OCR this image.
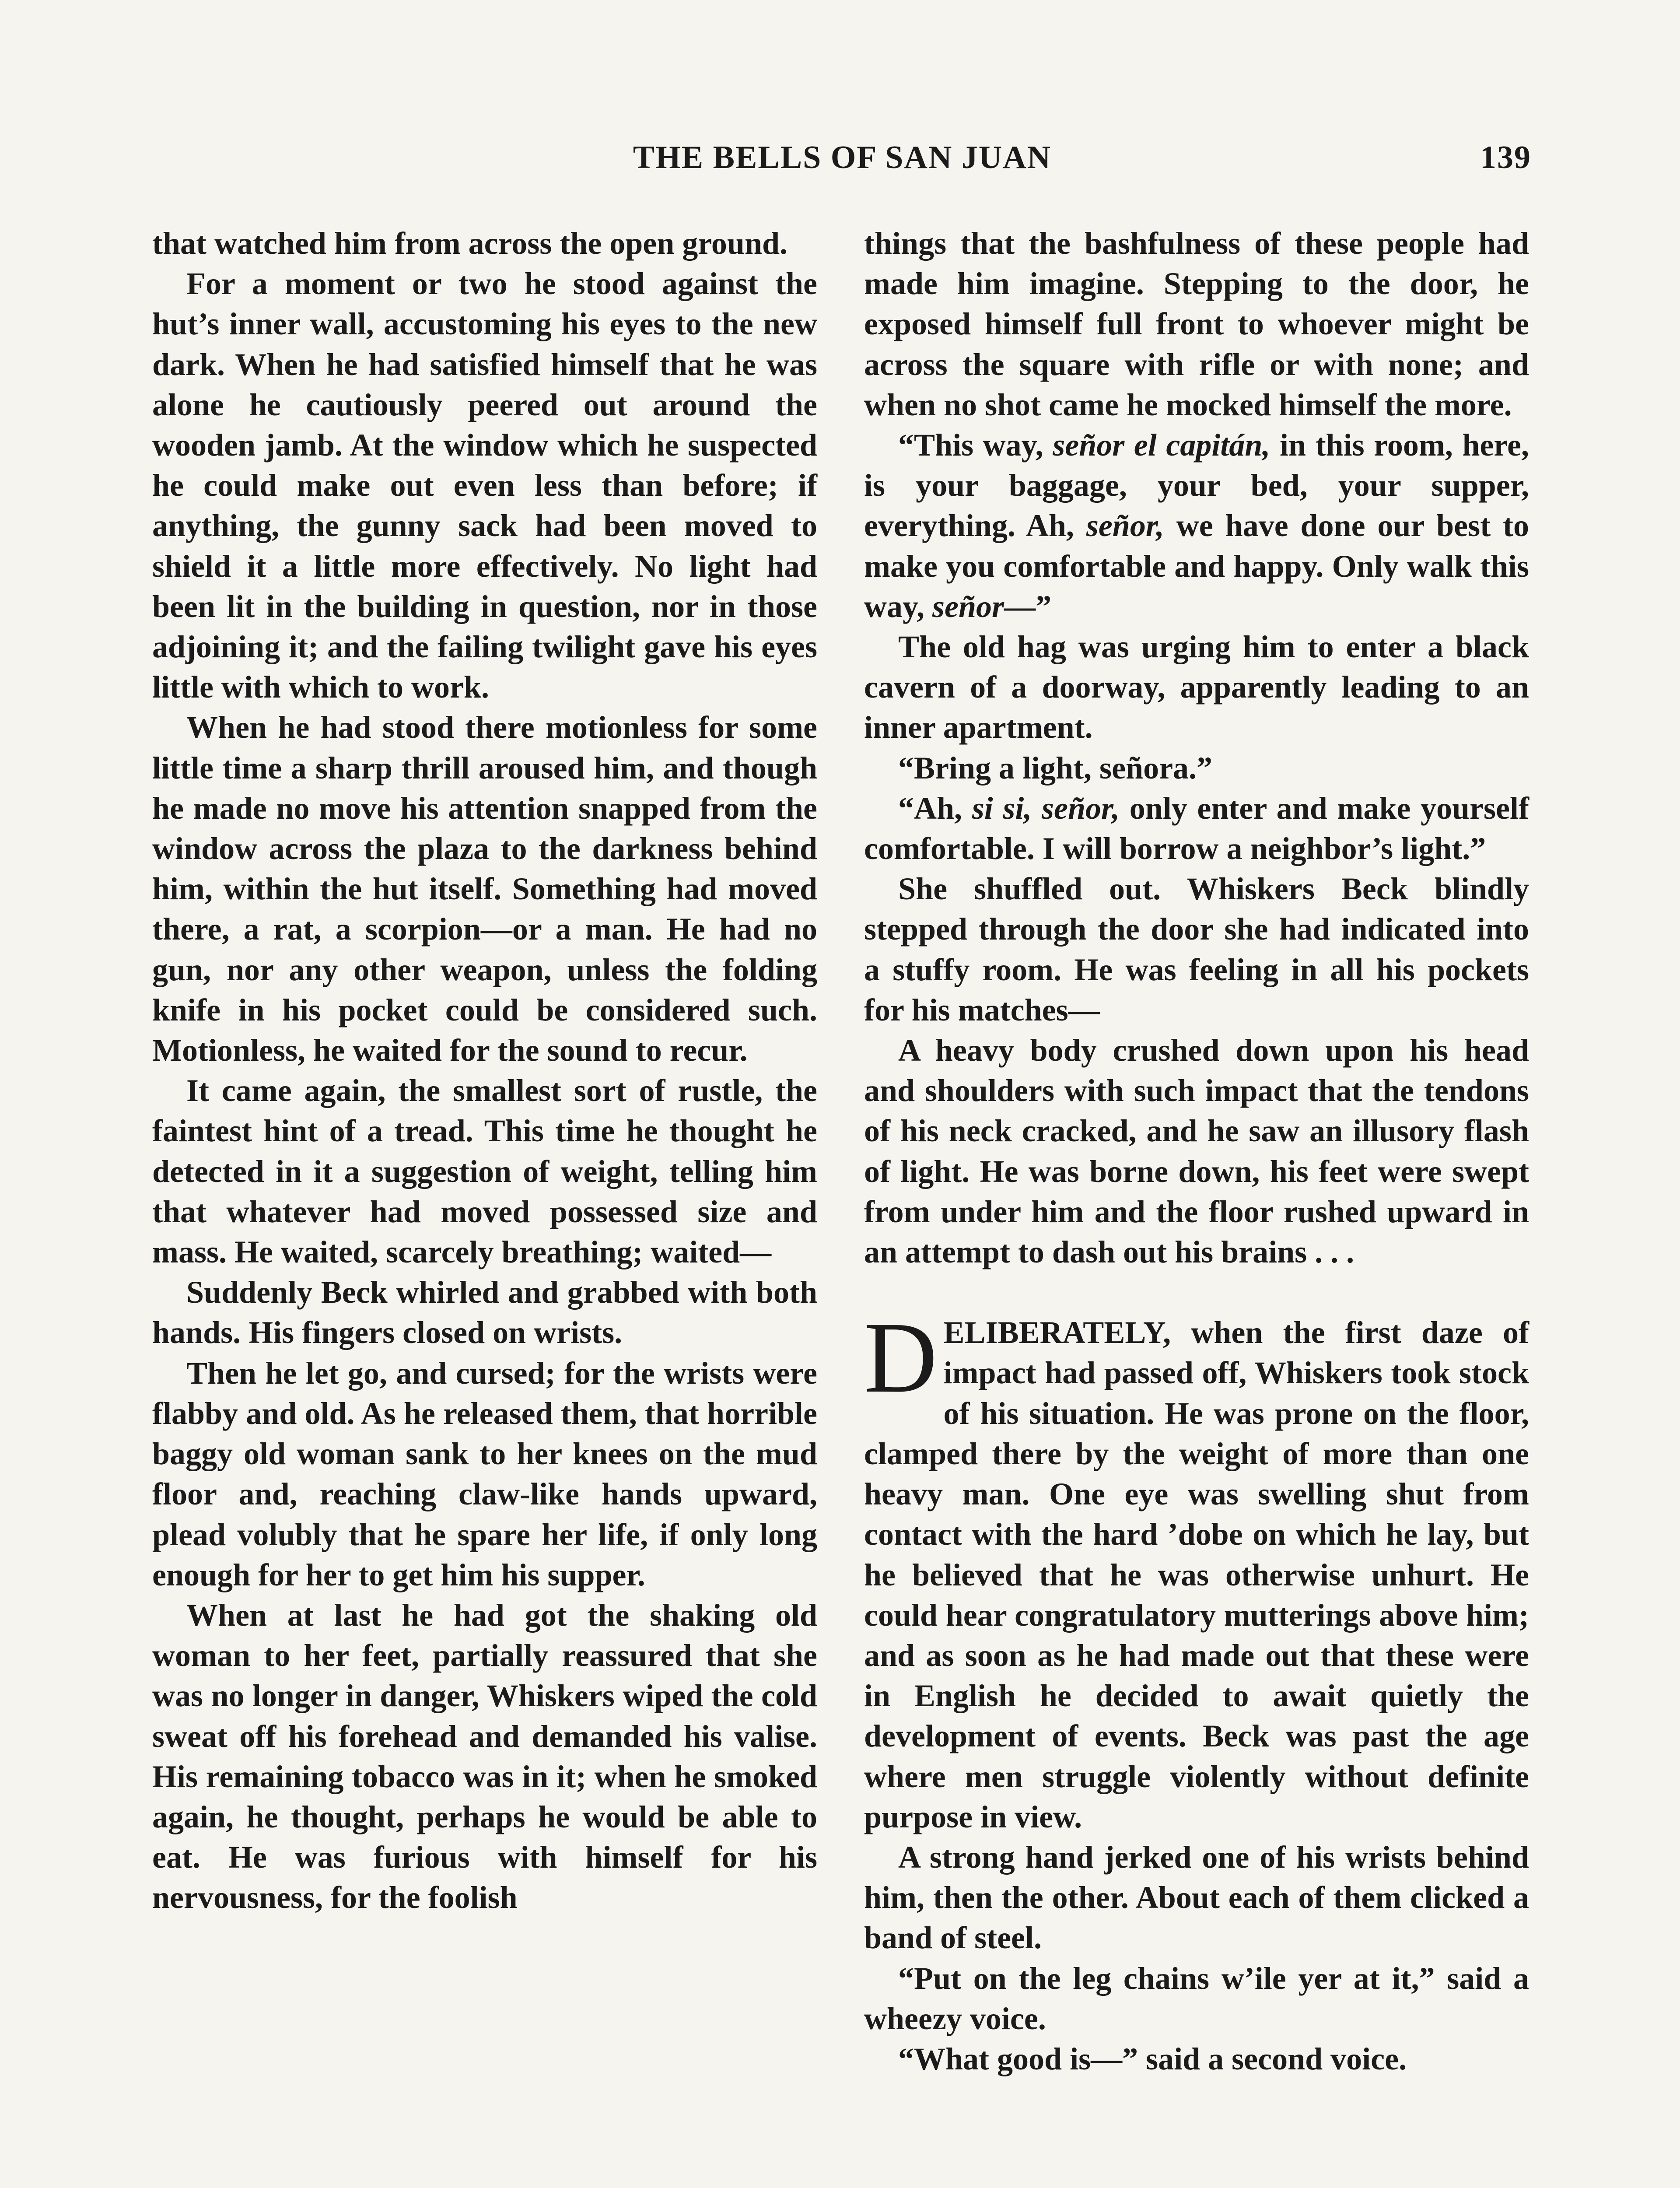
THE BELLS OF SAN JUAN	139

that watched him from across the open ground.

For a moment or two he stood against the hut’s inner wall, accustoming his eyes to the new dark. When he had satisfied himself that he was alone he cautiously peered out around the wooden jamb. At the window which he suspected he could make out even less than before; if anything, the gunny sack had been moved to shield it a little more effectively. No light had been lit in the building in question, nor in those adjoining it; and the failing twilight gave his eyes little with which to work.

When he had stood there motionless for some little time a sharp thrill aroused him, and though he made no move his attention snapped from the window across the plaza to the darkness behind him, within the hut itself. Something had moved there, a rat, a scorpion—or a man. He had no gun, nor any other weapon, unless the folding knife in his pocket could be considered such. Motionless, he waited for the sound to recur.

It came again, the smallest sort of rustle, the faintest hint of a tread. This time he thought he detected in it a suggestion of weight, telling him that whatever had moved possessed size and mass. He waited, scarcely breathing; waited—

Suddenly Beck whirled and grabbed with both hands. His fingers closed on wrists.

Then he let go, and cursed; for the wrists were flabby and old. As he released them, that horrible baggy old woman sank to her knees on the mud floor and, reaching claw-like hands upward, plead volubly that he spare her life, if only long enough for her to get him his supper.

When at last he had got the shaking old woman to her feet, partially reassured that she was no longer in danger, Whiskers wiped the cold sweat off his forehead and demanded his valise. His remaining tobacco was in it; when he smoked again, he thought, perhaps he would be able to eat. He was furious with himself for his nervousness, for the foolish

things that the bashfulness of these people had made him imagine. Stepping to the door, he exposed himself full front to whoever might be across the square with rifle or with none; and when no shot came he mocked himself the more.

“This way, señor el capitán, in this room, here, is your baggage, your bed, your supper, everything. Ah, señor, we have done our best to make you comfortable and happy. Only walk this way, señor—”

The old hag was urging him to enter a black cavern of a doorway, apparently leading to an inner apartment.

“Bring a light, señora.”

“Ah, si si, señor, only enter and make yourself comfortable. I will borrow a neighbor’s light.”

She shuffled out. Whiskers Beck blindly stepped through the door she had indicated into a stuffy room. He was feeling in all his pockets for his matches—

A heavy body crushed down upon his head and shoulders with such impact that the tendons of his neck cracked, and he saw an illusory flash of light. He was borne down, his feet were swept from under him and the floor rushed upward in an attempt to dash out his brains . . .

DELIBERATELY, when the first daze of impact had passed off, Whiskers took stock of his situation. He was prone on the floor, clamped there by the weight of more than one heavy man. One eye was swelling shut from contact with the hard ’dobe on which he lay, but he believed that he was otherwise unhurt. He could hear congratulatory mutterings above him; and as soon as he had made out that these were in English he decided to await quietly the development of events. Beck was past the age where men struggle violently without definite purpose in view.

A strong hand jerked one of his wrists behind him, then the other. About each of them clicked a band of steel.

“Put on the leg chains w’ile yer at it,” said a wheezy voice.

“What good is—” said a second voice.
